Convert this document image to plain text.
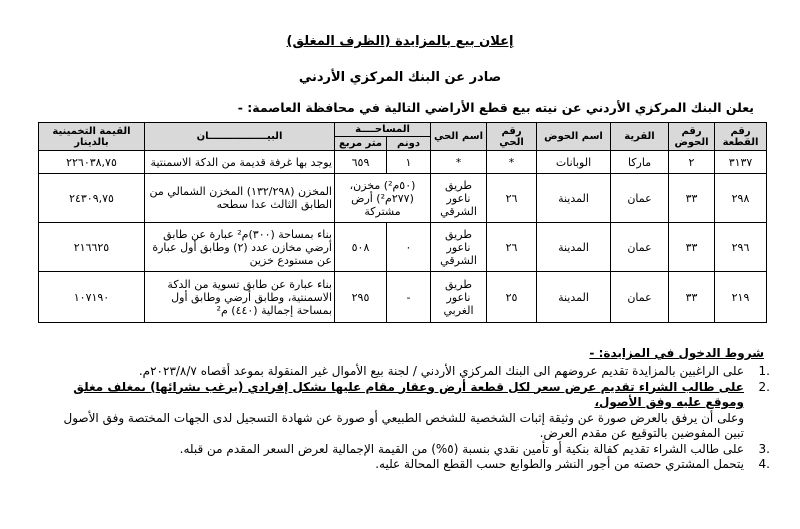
إعلان بيع بالمزايدة (الظرف المغلق)
صادر عن البنك المركزي الأردني
يعلن البنك المركزي الأردني عن نيته بيع قطع الأراضي التالية في محافظة العاصمة: -
رقم القطعة	رقم الحوض	القرية	اسم الحوض	رقم الحي	اسم الحي	المساحــــة		البيـــــــــــــــــان	القيمة التخمينية بالدينار
						دونم	متر مربع		
٣١٣٧	٢	ماركا	الوبانات	*	*	١	٦٥٩	يوجد بها غرفة قديمة من الدكة الاسمنتية	٢٢٦٠٣٨,٧٥
٢٩٨	٣٣	عمان	المدينة	٢٦	طريق ناعور الشرقي	(٥٠م²) مخزن، (٢٧٧م²) أرض مشتركة		المخزن (١٣٢/٢٩٨) المخزن الشمالي من الطابق الثالث عدا سطحه	٢٤٣٠٩,٧٥
٢٩٦	٣٣	عمان	المدينة	٢٦	طريق ناعور الشرقي	٠	٥٠٨	بناء بمساحة (٣٠٠)م² عبارة عن طابق أرضي مخازن عدد (٢) وطابق أول عبارة عن مستودع خزين	٢١٦٦٢٥
٢١٩	٣٣	عمان	المدينة	٢٥	طريق ناعور الغربي	-	٢٩٥	بناء عبارة عن طابق تسوية من الدكة الاسمنتية، وطابق أرضي وطابق أول بمساحة إجمالية (٤٤٠) م²	١٠٧١٩٠
شروط الدخول في المزايدة: -
.1

على الراغبين بالمزايدة تقديم عروضهم الى البنك المركزي الأردني / لجنة بيع الأموال غير المنقولة بموعد أقصاه ٢٠٢٣/٨/٧م.

.2

على طالب الشراء تقديم عرض سعر لكل قطعة أرض وعقار مقام عليها بشكل إفرادي (يرغب بشرائها) بمغلف مغلق وموقع عليه وفق الأصول،

وعلى أن يرفق بالعرض صورة عن وثيقة إثبات الشخصية للشخص الطبيعي أو صورة عن شهادة التسجيل لدى الجهات المختصة وفق الأصول

تبين المفوضين بالتوقيع عن مقدم العرض.

.3

على طالب الشراء تقديم كفالة بنكية أو تأمين نقدي بنسبة (٥%) من القيمة الإجمالية لعرض السعر المقدم من قبله.

.4

يتحمل المشتري حصته من أجور النشر والطوابع حسب القطع المحالة عليه.
